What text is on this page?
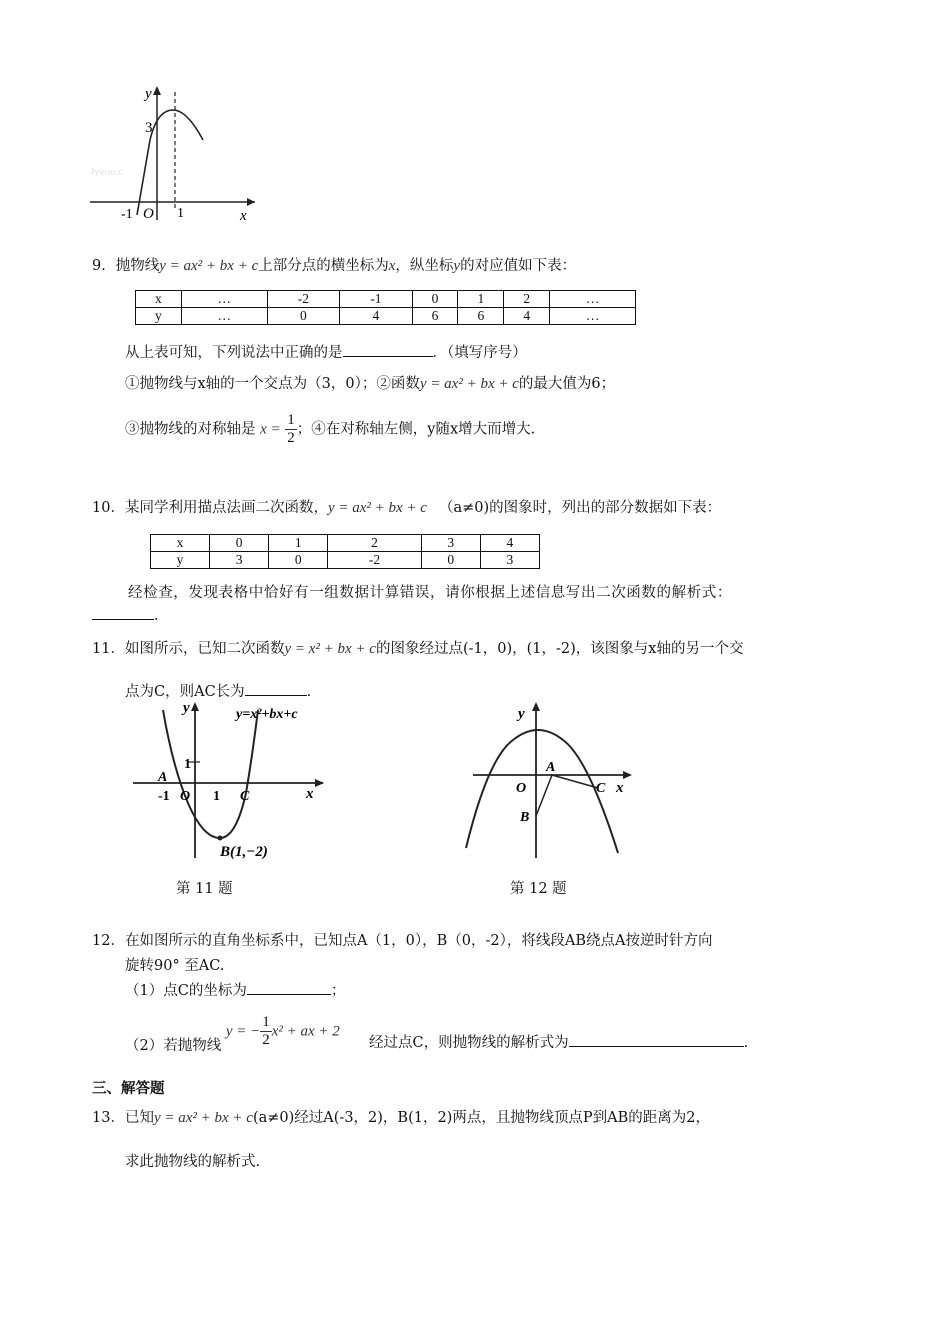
y
3
-1 O 1	x
Jyeoo.c
9．抛物线y = ax² + bx + c上部分点的横坐标为x，纵坐标y的对应值如下表：
x	…	-2	-1	0	1	2	…
y	…	0	4	6	6	4	…
从上表可知，下列说法中正确的是	．（填写序号）
①抛物线与x轴的一个交点为（3，0）；②函数y = ax² + bx + c的最大值为6；
③抛物线的对称轴是 $x = \frac{1}{2}$ ；④在对称轴左侧，y随x增大而增大.
10．某同学利用描点法画二次函数，y = ax² + bx + c （a≠0)的图象时，列出的部分数据如下表：
x	0	1	2	3	4
y	3	0	-2	0	3
经检查，发现表格中恰好有一组数据计算错误，请你根据上述信息写出二次函数的解析式：
.
11．如图所示，已知二次函数y = x² + bx + c的图象经过点(-1，0)，(1，-2)，该图象与x轴的另一个交
点为C，则AC长为	.
y	y=x²+bx+c
1
A
-1 O 1 C	x
B(1,−2)
第 11 题
y
A
O	C x
B
第 12 题
12．在如图所示的直角坐标系中，已知点A（1，0），B（0，-2），将线段AB绕点A按逆时针方向
旋转90° 至AC.
（1）点C的坐标为	；
（2）若抛物线 y = − $\frac{1}{2} x^2$ + ax + 2
经过点C，则抛物线的解析式为	.
三、解答题
13．已知y = ax² + bx + c(a≠0)经过A(-3，2)，B(1，2)两点，且抛物线顶点P到AB的距离为2，
求此抛物线的解析式.
